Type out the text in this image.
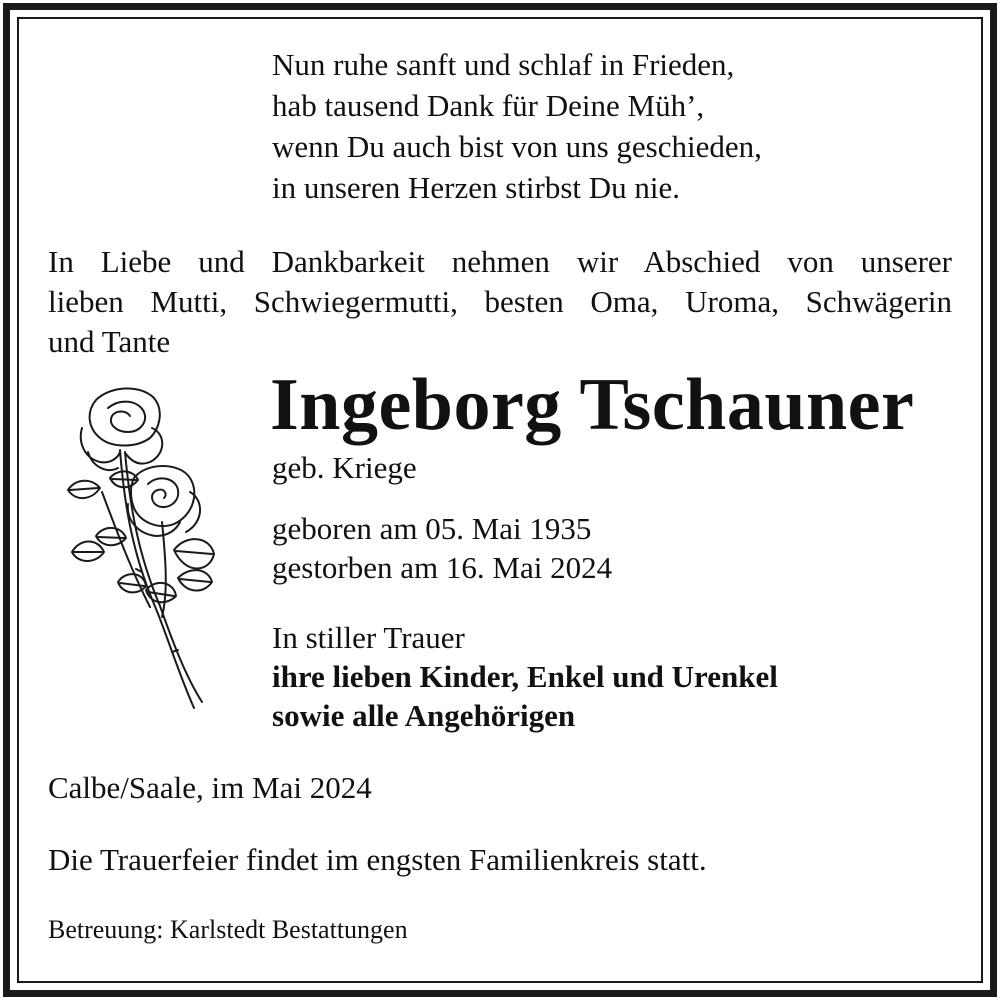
Nun ruhe sanft und schlaf in Frieden,
hab tausend Dank für Deine Müh’,
wenn Du auch bist von uns geschieden,
in unseren Herzen stirbst Du nie.
In Liebe und Dankbarkeit nehmen wir Abschied von unserer
lieben Mutti, Schwiegermutti, besten Oma, Uroma, Schwägerin
und Tante
Ingeborg Tschauner
geb. Kriege
geboren am 05. Mai 1935
gestorben am 16. Mai 2024
In stiller Trauer
ihre lieben Kinder, Enkel und Urenkel
sowie alle Angehörigen
Calbe/Saale, im Mai 2024
Die Trauerfeier findet im engsten Familienkreis statt.
Betreuung: Karlstedt Bestattungen
